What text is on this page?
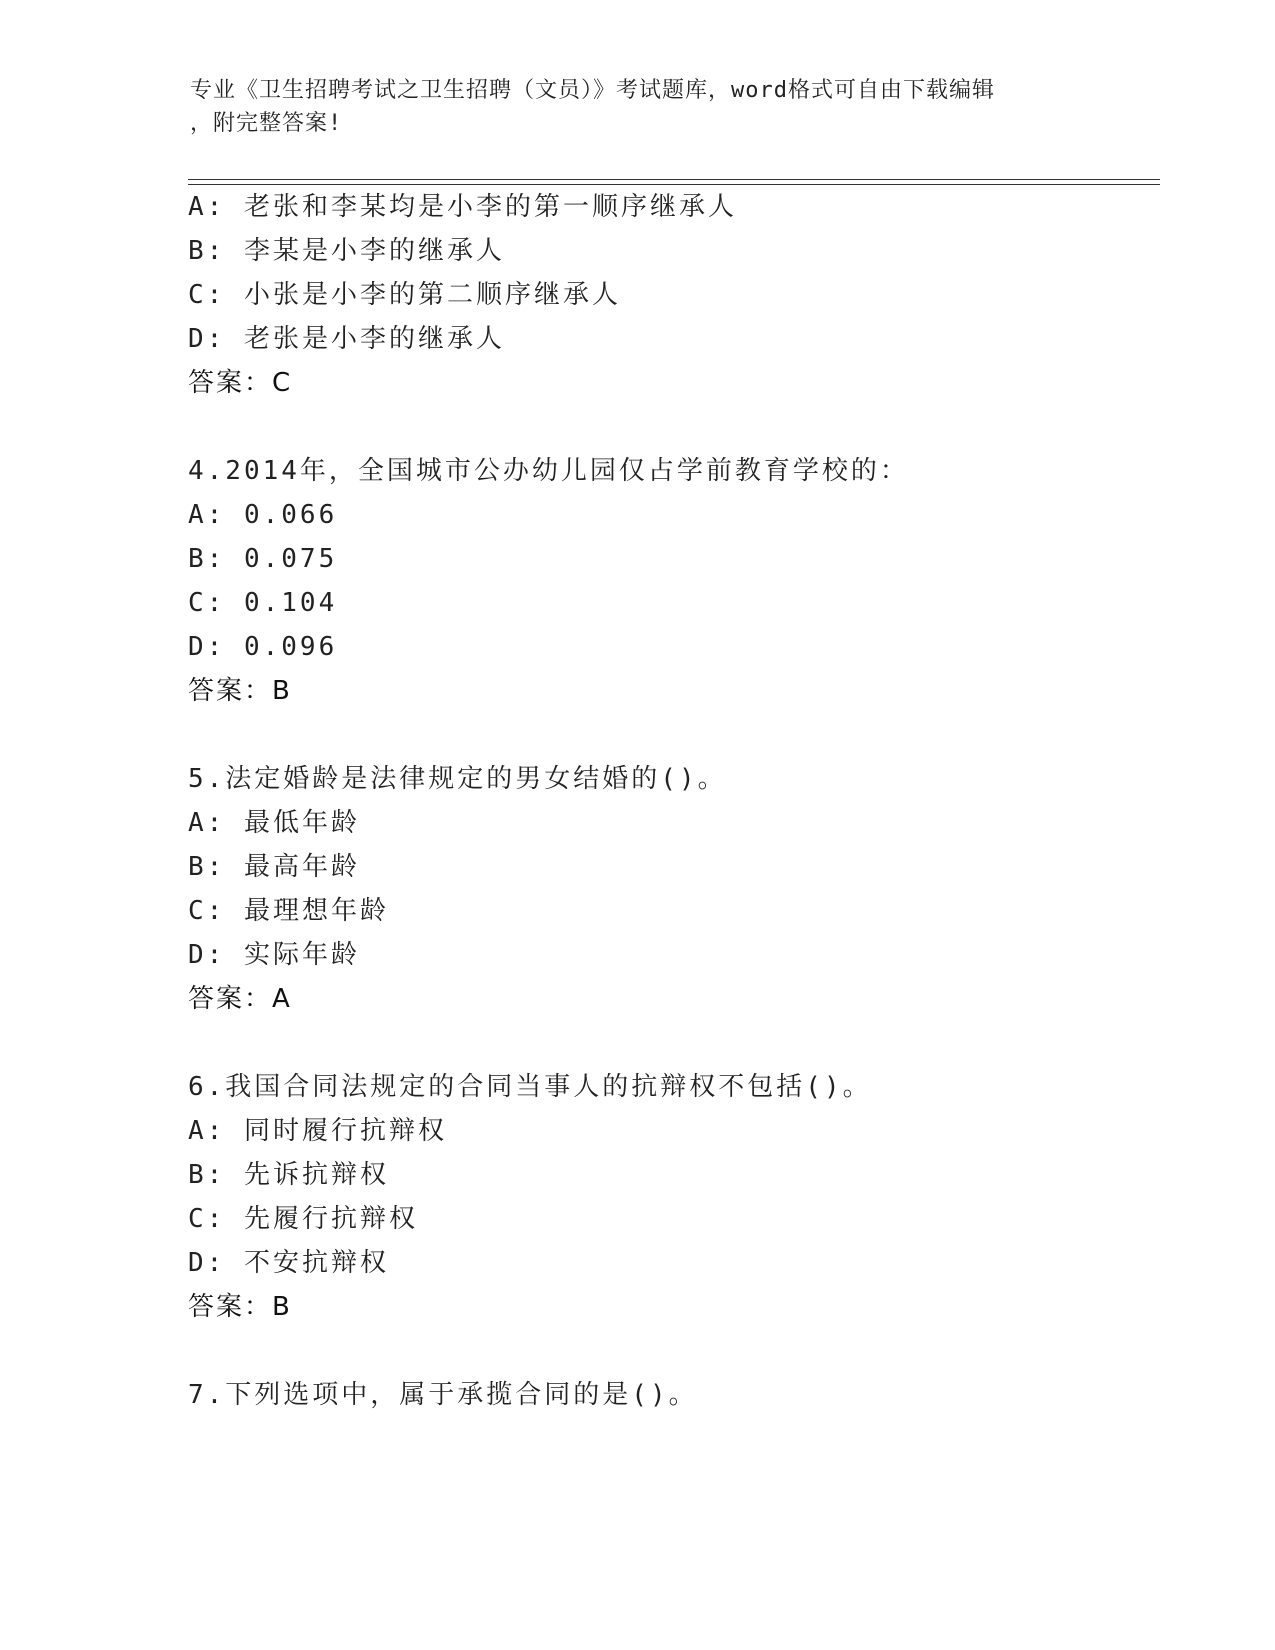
专业《卫生招聘考试之卫生招聘（文员）》考试题库，word格式可自由下载编辑
，附完整答案!
A: 老张和李某均是小李的第一顺序继承人
B: 李某是小李的继承人
C: 小张是小李的第二顺序继承人
D: 老张是小李的继承人
答案：C
4.2014年，全国城市公办幼儿园仅占学前教育学校的：
A: 0.066
B: 0.075
C: 0.104
D: 0.096
答案：B
5.法定婚龄是法律规定的男女结婚的()。
A: 最低年龄
B: 最高年龄
C: 最理想年龄
D: 实际年龄
答案：A
6.我国合同法规定的合同当事人的抗辩权不包括()。
A: 同时履行抗辩权
B: 先诉抗辩权
C: 先履行抗辩权
D: 不安抗辩权
答案：B
7.下列选项中，属于承揽合同的是()。
